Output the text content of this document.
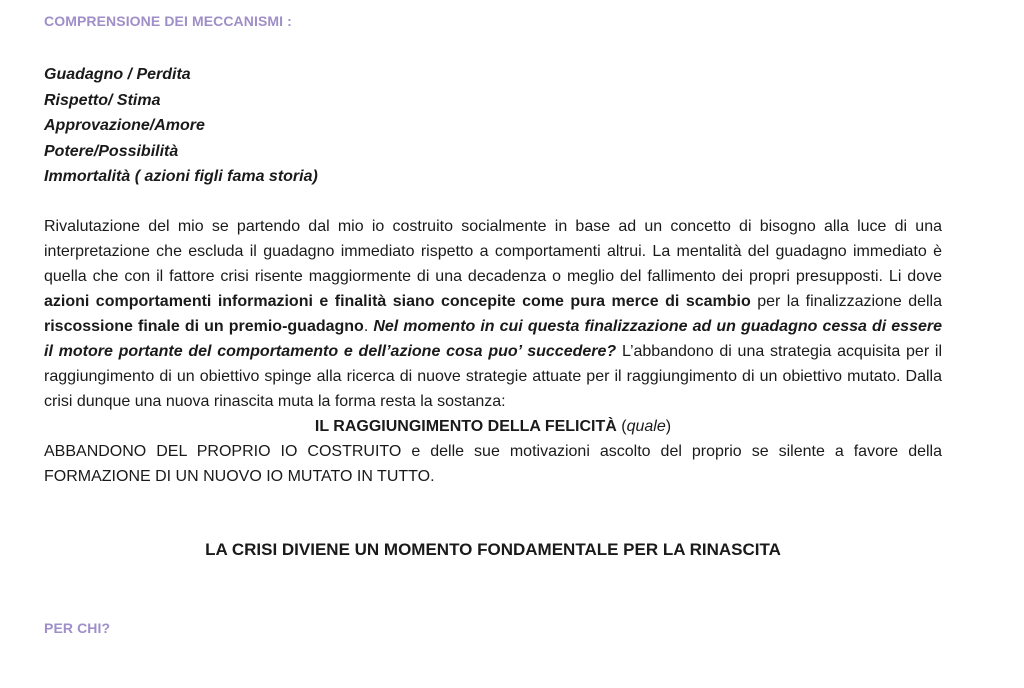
COMPRENSIONE DEI MECCANISMI :
Guadagno / Perdita
Rispetto/ Stima
Approvazione/Amore
Potere/Possibilità
Immortalità ( azioni figli fama storia)

Rivalutazione del mio se partendo dal mio io costruito socialmente in base ad un concetto di bisogno alla luce di una interpretazione che escluda il guadagno immediato rispetto a comportamenti altrui. La mentalità del guadagno immediato è quella che con il fattore crisi risente maggiormente di una decadenza o meglio del fallimento dei propri presupposti. Li dove azioni comportamenti informazioni e finalità siano concepite come pura merce di scambio per la finalizzazione della riscossione finale di un premio-guadagno. Nel momento in cui questa finalizzazione ad un guadagno cessa di essere il motore portante del comportamento e dell’azione cosa puo’ succedere? L’abbandono di una strategia acquisita per il raggiungimento di un obiettivo spinge alla ricerca di nuove strategie attuate per il raggiungimento di un obiettivo mutato. Dalla crisi dunque una nuova rinascita muta la forma resta la sostanza:

IL RAGGIUNGIMENTO DELLA FELICITÀ (quale)

ABBANDONO DEL PROPRIO IO COSTRUITO e delle sue motivazioni ascolto del proprio se silente a favore della FORMAZIONE DI UN NUOVO IO MUTATO IN TUTTO.

LA CRISI DIVIENE UN MOMENTO FONDAMENTALE PER LA RINASCITA
PER CHI?
